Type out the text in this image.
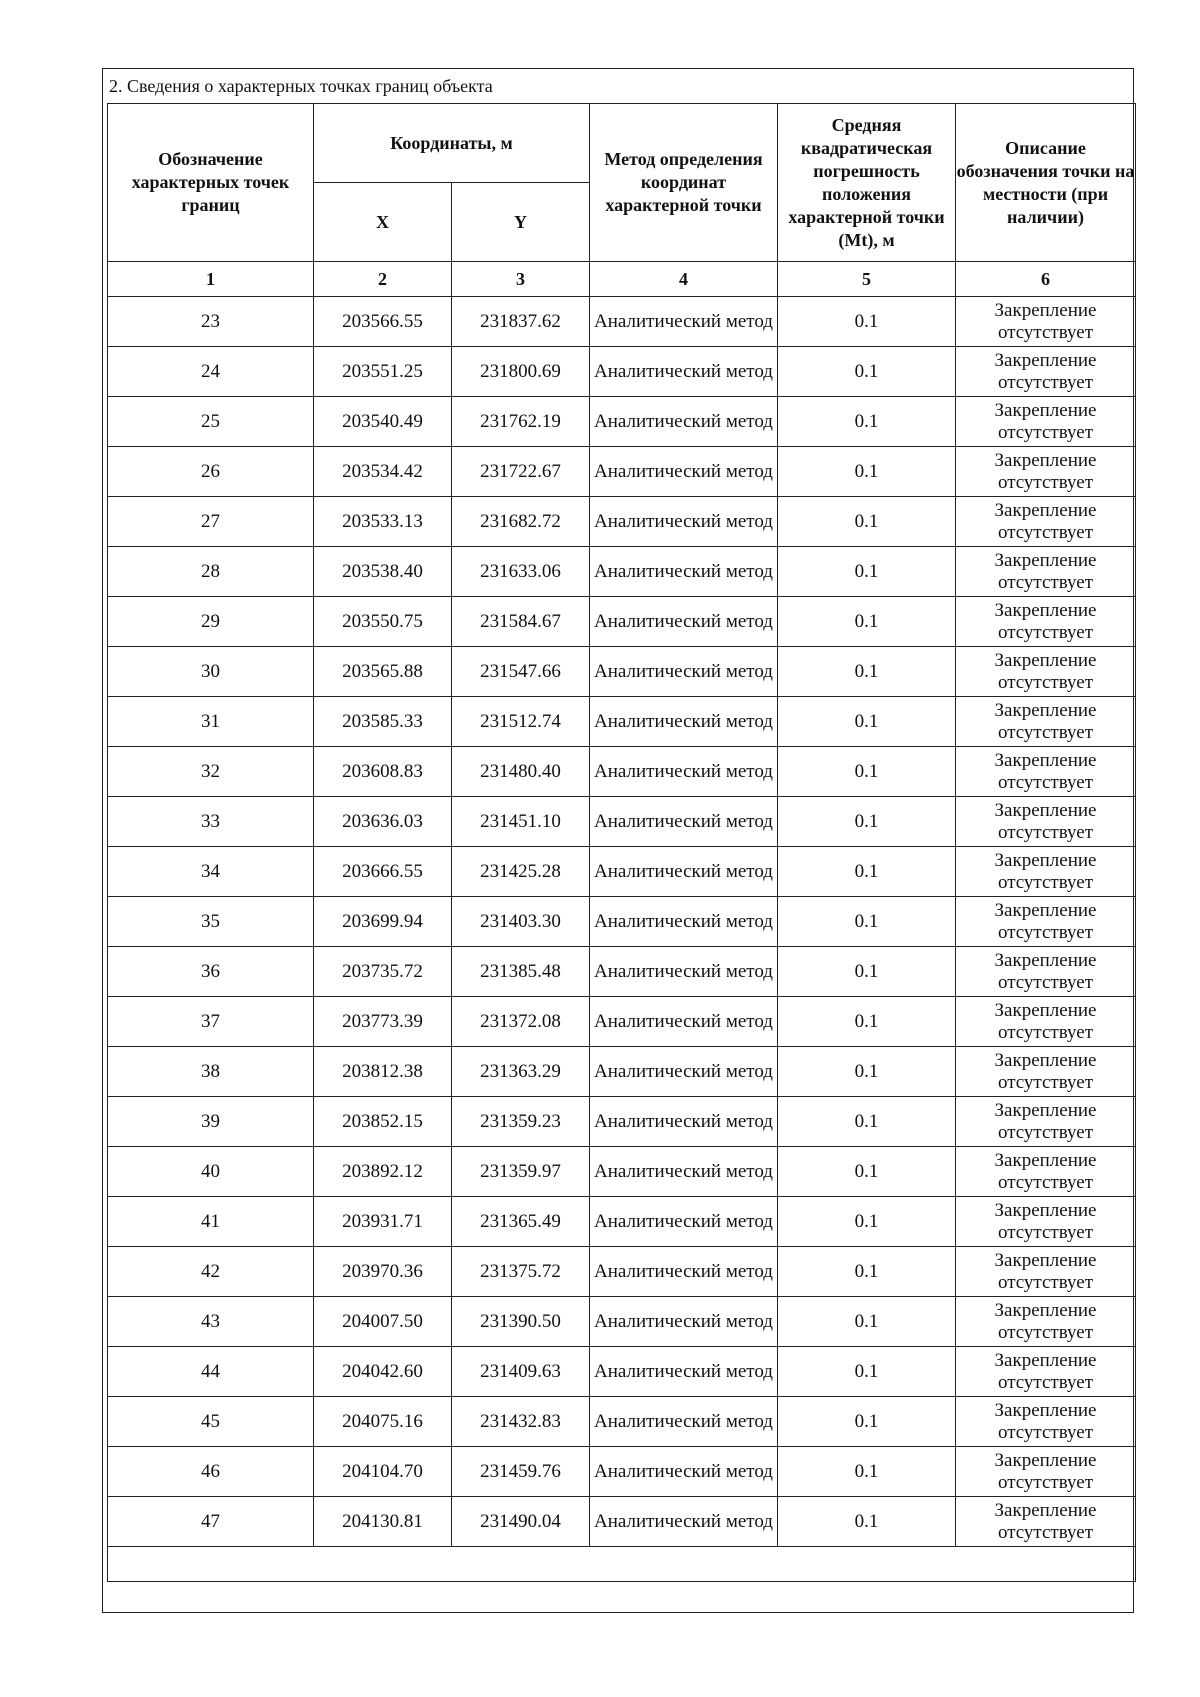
2. Сведения о характерных точках границ объекта
Обозначение характерных точек границ	Координаты, м		Метод определения координат характерной точки	Средняя квадратическая погрешность положения характерной точки (Mt), м	Описание обозначения точки на местности (при наличии)
	X	Y			
1	2	3	4	5	6
23	203566.55	231837.62	Аналитический метод	0.1	Закрепление отсутствует
24	203551.25	231800.69	Аналитический метод	0.1	Закрепление отсутствует
25	203540.49	231762.19	Аналитический метод	0.1	Закрепление отсутствует
26	203534.42	231722.67	Аналитический метод	0.1	Закрепление отсутствует
27	203533.13	231682.72	Аналитический метод	0.1	Закрепление отсутствует
28	203538.40	231633.06	Аналитический метод	0.1	Закрепление отсутствует
29	203550.75	231584.67	Аналитический метод	0.1	Закрепление отсутствует
30	203565.88	231547.66	Аналитический метод	0.1	Закрепление отсутствует
31	203585.33	231512.74	Аналитический метод	0.1	Закрепление отсутствует
32	203608.83	231480.40	Аналитический метод	0.1	Закрепление отсутствует
33	203636.03	231451.10	Аналитический метод	0.1	Закрепление отсутствует
34	203666.55	231425.28	Аналитический метод	0.1	Закрепление отсутствует
35	203699.94	231403.30	Аналитический метод	0.1	Закрепление отсутствует
36	203735.72	231385.48	Аналитический метод	0.1	Закрепление отсутствует
37	203773.39	231372.08	Аналитический метод	0.1	Закрепление отсутствует
38	203812.38	231363.29	Аналитический метод	0.1	Закрепление отсутствует
39	203852.15	231359.23	Аналитический метод	0.1	Закрепление отсутствует
40	203892.12	231359.97	Аналитический метод	0.1	Закрепление отсутствует
41	203931.71	231365.49	Аналитический метод	0.1	Закрепление отсутствует
42	203970.36	231375.72	Аналитический метод	0.1	Закрепление отсутствует
43	204007.50	231390.50	Аналитический метод	0.1	Закрепление отсутствует
44	204042.60	231409.63	Аналитический метод	0.1	Закрепление отсутствует
45	204075.16	231432.83	Аналитический метод	0.1	Закрепление отсутствует
46	204104.70	231459.76	Аналитический метод	0.1	Закрепление отсутствует
47	204130.81	231490.04	Аналитический метод	0.1	Закрепление отсутствует
